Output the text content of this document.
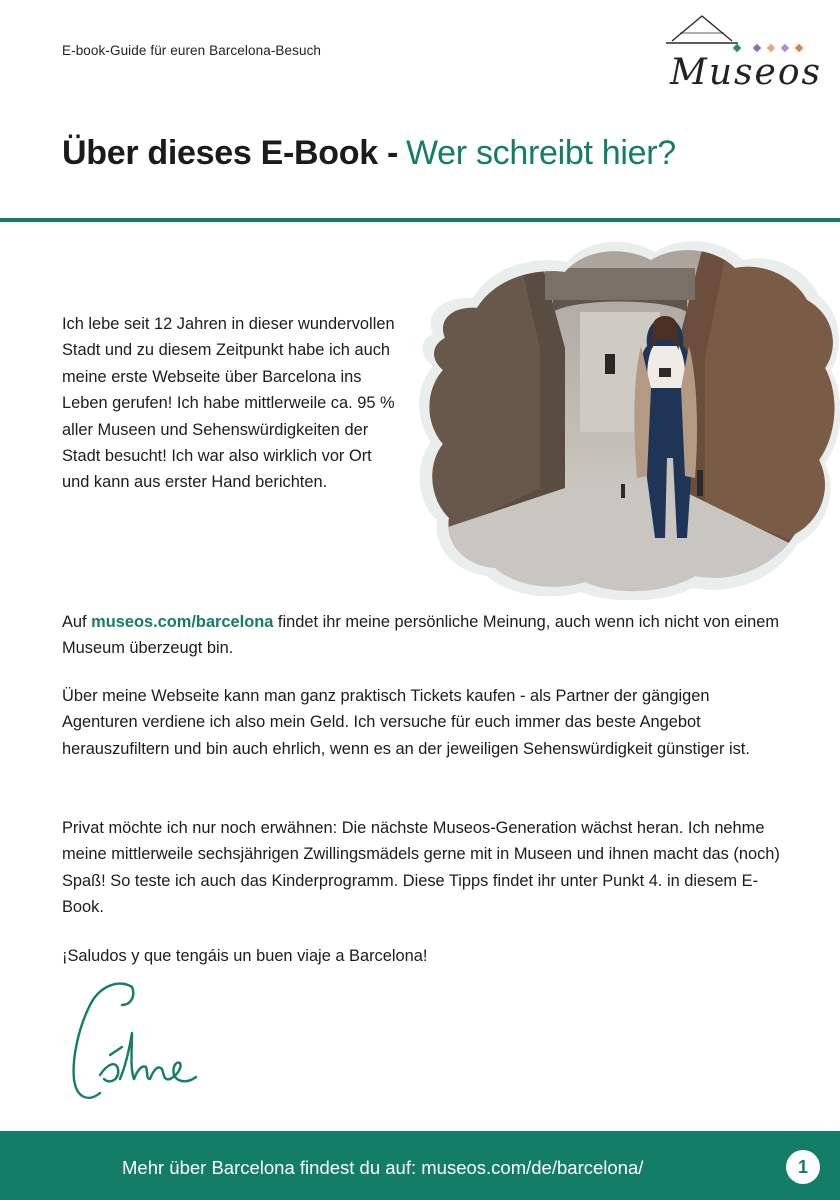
E-book-Guide für euren Barcelona-Besuch
Museos
Über dieses E-Book - Wer schreibt hier?
Ich lebe seit 12 Jahren in dieser wundervollen Stadt und zu diesem Zeitpunkt habe ich auch meine erste Webseite über Barcelona ins Leben gerufen! Ich habe mittlerweile ca. 95 % aller Museen und Sehenswürdigkeiten der Stadt besucht! Ich war also wirklich vor Ort und kann aus erster Hand berichten.
Auf museos.com/barcelona findet ihr meine persönliche Meinung, auch wenn ich nicht von einem Museum überzeugt bin.
Über meine Webseite kann man ganz praktisch Tickets kaufen - als Partner der gängigen Agenturen verdiene ich also mein Geld. Ich versuche für euch immer das beste Angebot herauszufiltern und bin auch ehrlich, wenn es an der jeweiligen Sehenswürdigkeit günstiger ist.
Privat möchte ich nur noch erwähnen: Die nächste Museos-Generation wächst heran. Ich nehme meine mittlerweile sechsjährigen Zwillingsmädels gerne mit in Museen und ihnen macht das (noch) Spaß! So teste ich auch das Kinderprogramm. Diese Tipps findet ihr unter Punkt 4. in diesem E-Book.
¡Saludos y que tengáis un buen viaje a Barcelona!
Mehr über Barcelona findest du auf: museos.com/de/barcelona/	1
